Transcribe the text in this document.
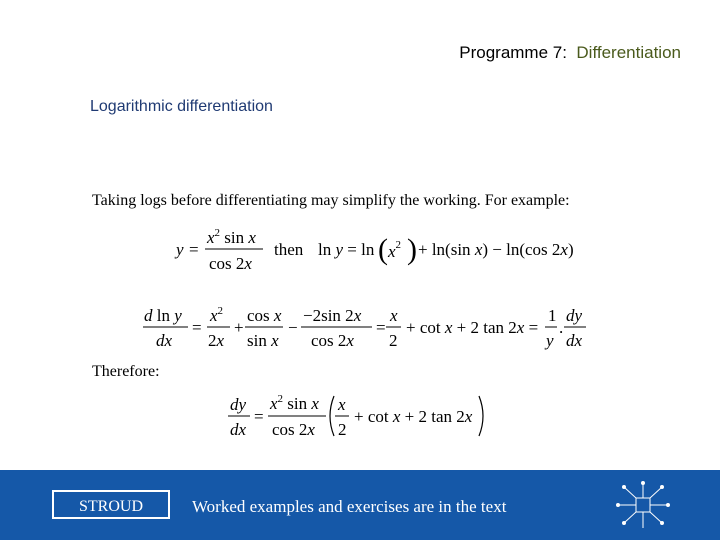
Programme 7: Differentiation
Logarithmic differentiation
Taking logs before differentiating may simplify the working. For example:
y =
$x^2$ sin x
cos 2x
then ln y = ln ( $x^2$ ) + ln(sin x) − ln(cos 2x)
d ln y
dx
=
$x^2$
2x
+
cos x
sin x
−
−2sin 2x
cos 2x
=
x
2
+ cot x + 2 tan 2x =
1
y
.
dy
dx
Therefore:
dy
dx
=
$x^2$ sin x
cos 2x
x
2
+ cot x + 2 tan 2x
STROUD	Worked examples and exercises are in the text
